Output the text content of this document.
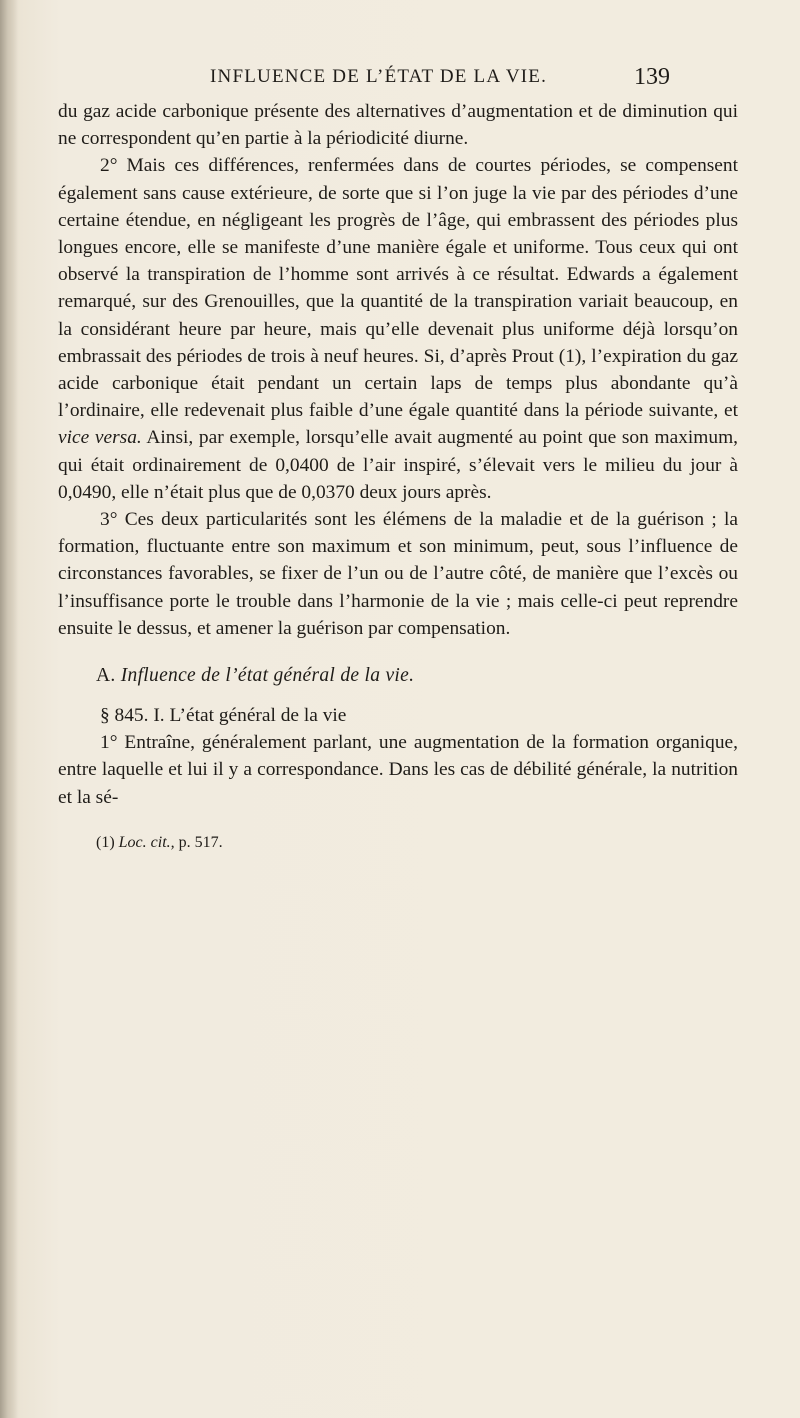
INFLUENCE DE L’ÉTAT DE LA VIE.	139

du gaz acide carbonique présente des alternatives d’augmentation et de diminution qui ne correspondent qu’en partie à la périodicité diurne.

2° Mais ces différences, renfermées dans de courtes périodes, se compensent également sans cause extérieure, de sorte que si l’on juge la vie par des périodes d’une certaine étendue, en négligeant les progrès de l’âge, qui embrassent des périodes plus longues encore, elle se manifeste d’une manière égale et uniforme. Tous ceux qui ont observé la transpiration de l’homme sont arrivés à ce résultat. Edwards a également remarqué, sur des Grenouilles, que la quantité de la transpiration variait beaucoup, en la considérant heure par heure, mais qu’elle devenait plus uniforme déjà lorsqu’on embrassait des périodes de trois à neuf heures. Si, d’après Prout (1), l’expiration du gaz acide carbonique était pendant un certain laps de temps plus abondante qu’à l’ordinaire, elle redevenait plus faible d’une égale quantité dans la période suivante, et vice versa. Ainsi, par exemple, lorsqu’elle avait augmenté au point que son maximum, qui était ordinairement de 0,0400 de l’air inspiré, s’élevait vers le milieu du jour à 0,0490, elle n’était plus que de 0,0370 deux jours après.

3° Ces deux particularités sont les élémens de la maladie et de la guérison ; la formation, fluctuante entre son maximum et son minimum, peut, sous l’influence de circonstances favorables, se fixer de l’un ou de l’autre côté, de manière que l’excès ou l’insuffisance porte le trouble dans l’harmonie de la vie ; mais celle-ci peut reprendre ensuite le dessus, et amener la guérison par compensation.

A. Influence de l’état général de la vie.

§ 845. I. L’état général de la vie

1° Entraîne, généralement parlant, une augmentation de la formation organique, entre laquelle et lui il y a correspondance. Dans les cas de débilité générale, la nutrition et la sé-

(1) Loc. cit., p. 517.
